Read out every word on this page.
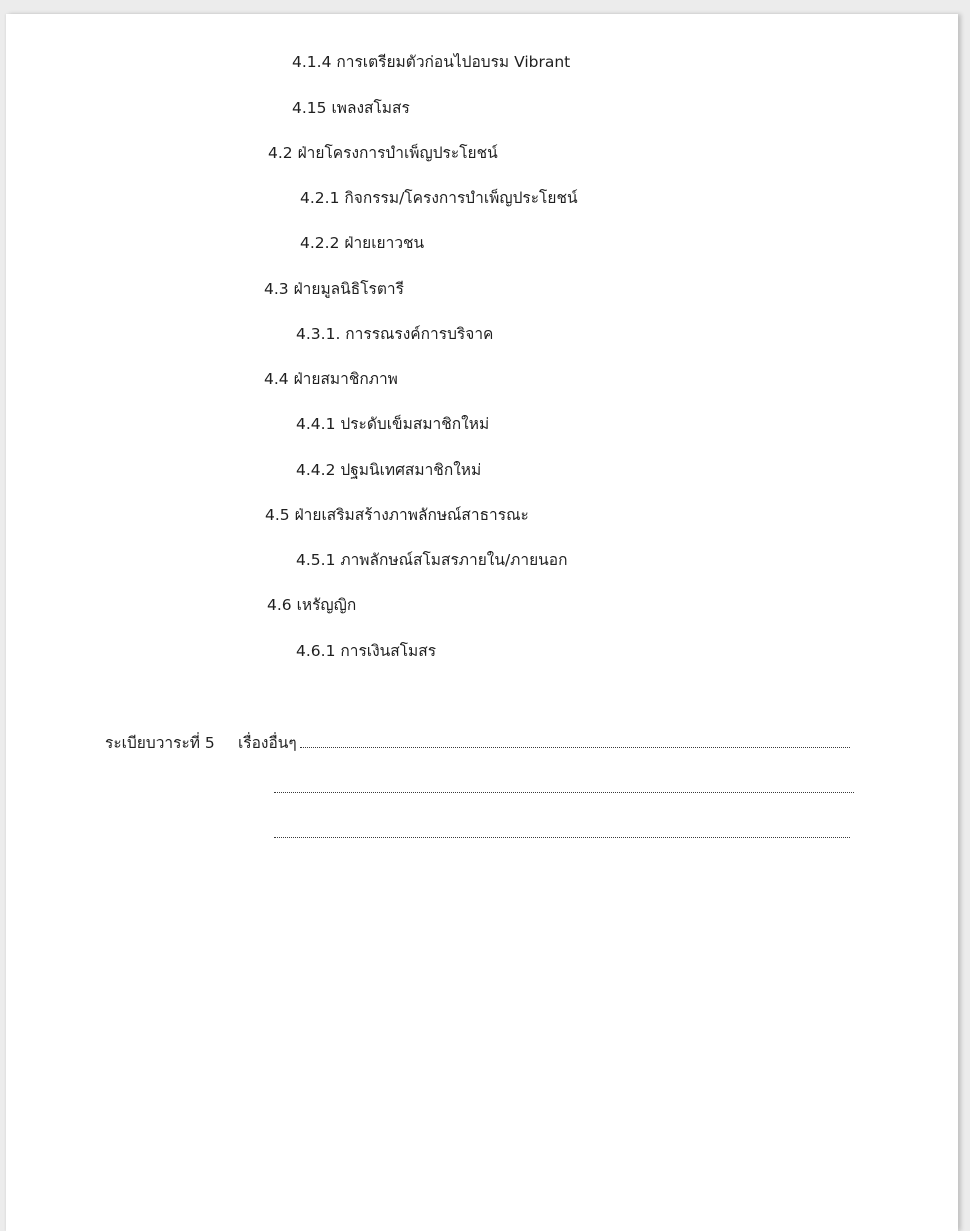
4.1.4 การเตรียมตัวก่อนไปอบรม Vibrant
4.15 เพลงสโมสร
4.2 ฝ่ายโครงการบำเพ็ญประโยชน์
4.2.1 กิจกรรม/โครงการบำเพ็ญประโยชน์
4.2.2 ฝ่ายเยาวชน
4.3 ฝ่ายมูลนิธิโรตารี
4.3.1. การรณรงค์การบริจาค
4.4 ฝ่ายสมาชิกภาพ
4.4.1 ประดับเข็มสมาชิกใหม่
4.4.2 ปฐมนิเทศสมาชิกใหม่
4.5 ฝ่ายเสริมสร้างภาพลักษณ์สาธารณะ
4.5.1 ภาพลักษณ์สโมสรภายใน/ภายนอก
4.6 เหรัญญิก
4.6.1 การเงินสโมสร
ระเบียบวาระที่ 5 เรื่องอื่นๆ
